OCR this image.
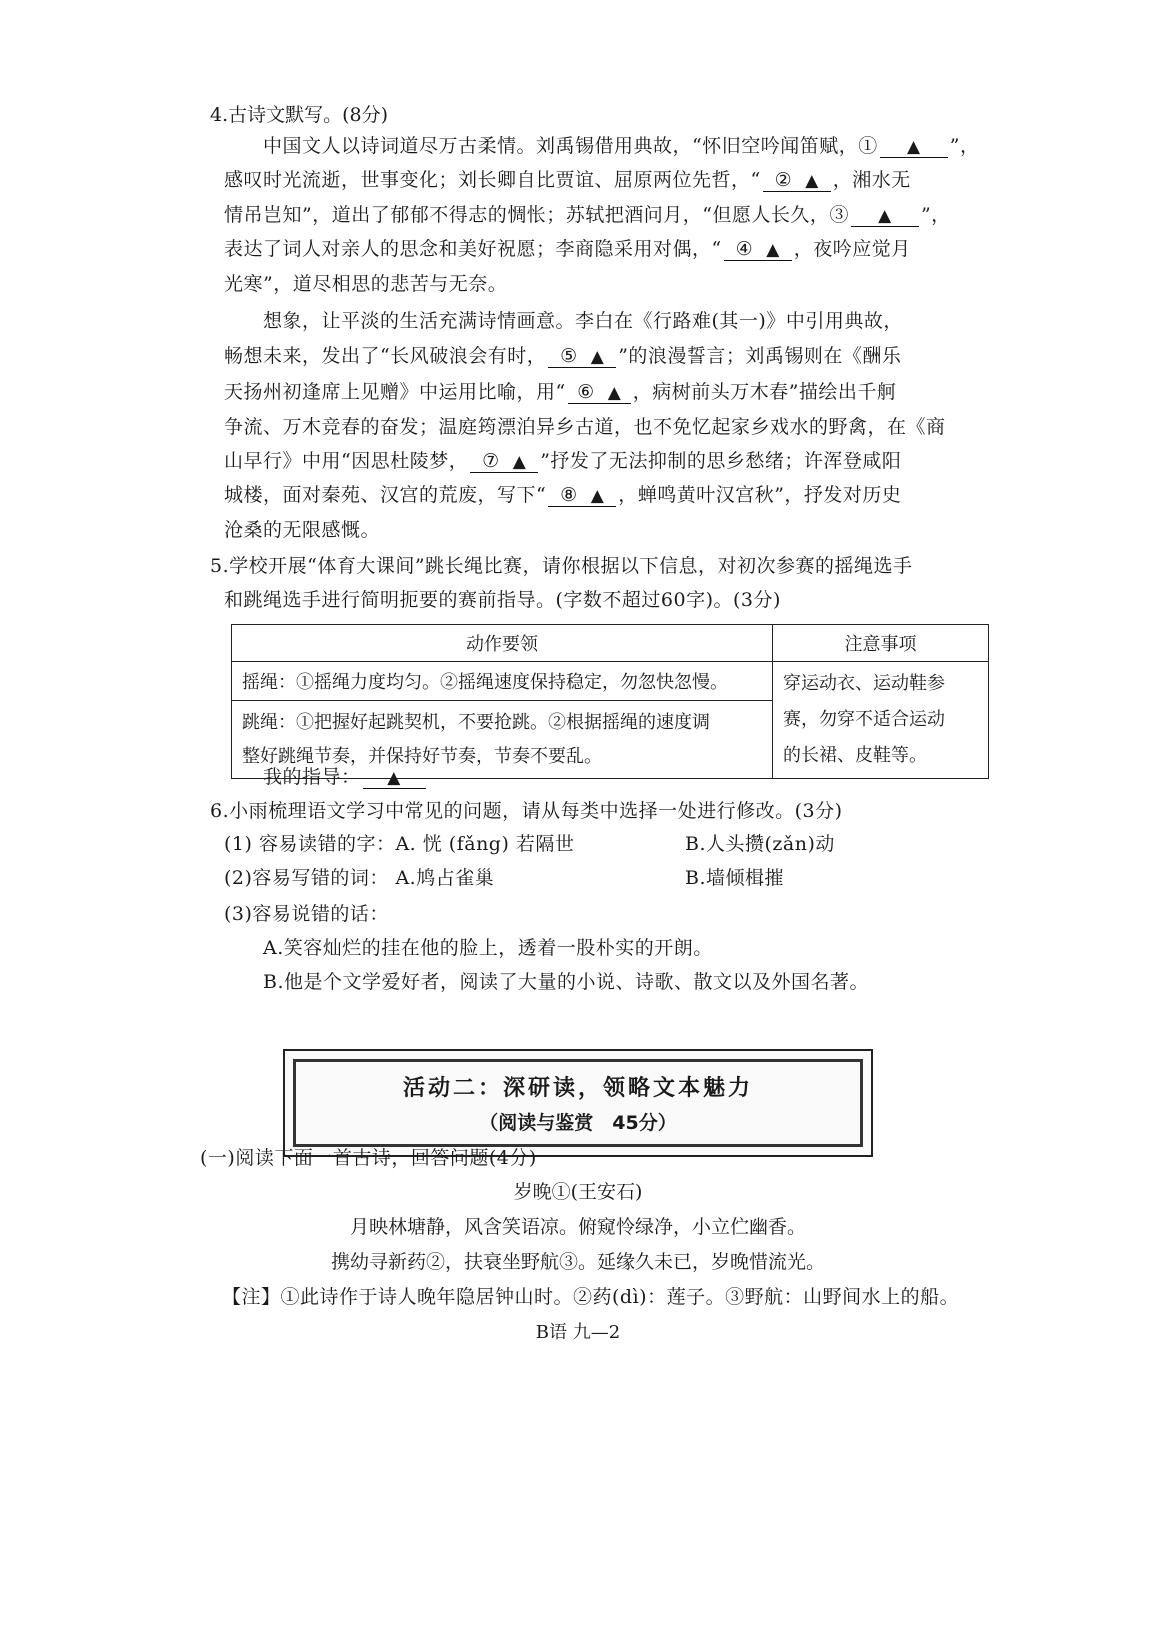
4.古诗文默写。(8分)
中国文人以诗词道尽万古柔情。刘禹锡借用典故，“怀旧空吟闻笛赋，① ▲ ”，
感叹时光流逝，世事变化；刘长卿自比贾谊、屈原两位先哲，“ ② ▲ ，湘水无
情吊岂知”，道出了郁郁不得志的惆怅；苏轼把酒问月，“但愿人长久，③ ▲ ”，
表达了词人对亲人的思念和美好祝愿；李商隐采用对偶，“ ④ ▲ ，夜吟应觉月
光寒”，道尽相思的悲苦与无奈。
想象，让平淡的生活充满诗情画意。李白在《行路难(其一)》中引用典故，
畅想未来，发出了“长风破浪会有时， ⑤ ▲ ”的浪漫誓言；刘禹锡则在《酬乐
天扬州初逢席上见赠》中运用比喻，用“ ⑥ ▲ ，病树前头万木春”描绘出千舸
争流、万木竞春的奋发；温庭筠漂泊异乡古道，也不免忆起家乡戏水的野禽，在《商
山早行》中用“因思杜陵梦， ⑦ ▲ ”抒发了无法抑制的思乡愁绪；许浑登咸阳
城楼，面对秦苑、汉宫的荒废，写下“ ⑧ ▲ ，蝉鸣黄叶汉宫秋”，抒发对历史
沧桑的无限感慨。
5.学校开展“体育大课间”跳长绳比赛，请你根据以下信息，对初次参赛的摇绳选手
和跳绳选手进行简明扼要的赛前指导。(字数不超过60字)。(3分)
动作要领	注意事项
摇绳：①摇绳力度均匀。②摇绳速度保持稳定，勿忽快忽慢。	穿运动衣、运动鞋参
赛，勿穿不适合运动
的长裙、皮鞋等。

跳绳：①把握好起跳契机，不要抢跳。②根据摇绳的速度调
整好跳绳节奏，并保持好节奏，节奏不要乱。	
我的指导： ▲
6.小雨梳理语文学习中常见的问题，请从每类中选择一处进行修改。(3分)
(1) 容易读错的字：A. 恍 (fǎng) 若隔世	B.人头攒(zǎn)动
(2)容易写错的词： A.鸠占雀巢	B.墙倾楫摧
(3)容易说错的话：
A.笑容灿烂的挂在他的脸上，透着一股朴实的开朗。
B.他是个文学爱好者，阅读了大量的小说、诗歌、散文以及外国名著。
活动二：深研读，领略文本魅力
（阅读与鉴赏　45分）
(一)阅读下面一首古诗，回答问题(4分)
岁晚①(王安石)
月映林塘静，风含笑语凉。俯窥怜绿净，小立伫幽香。
携幼寻新药②，扶衰坐野航③。延缘久未已，岁晚惜流光。
【注】①此诗作于诗人晚年隐居钟山时。②药(dì)：莲子。③野航：山野间水上的船。
B语 九—2
